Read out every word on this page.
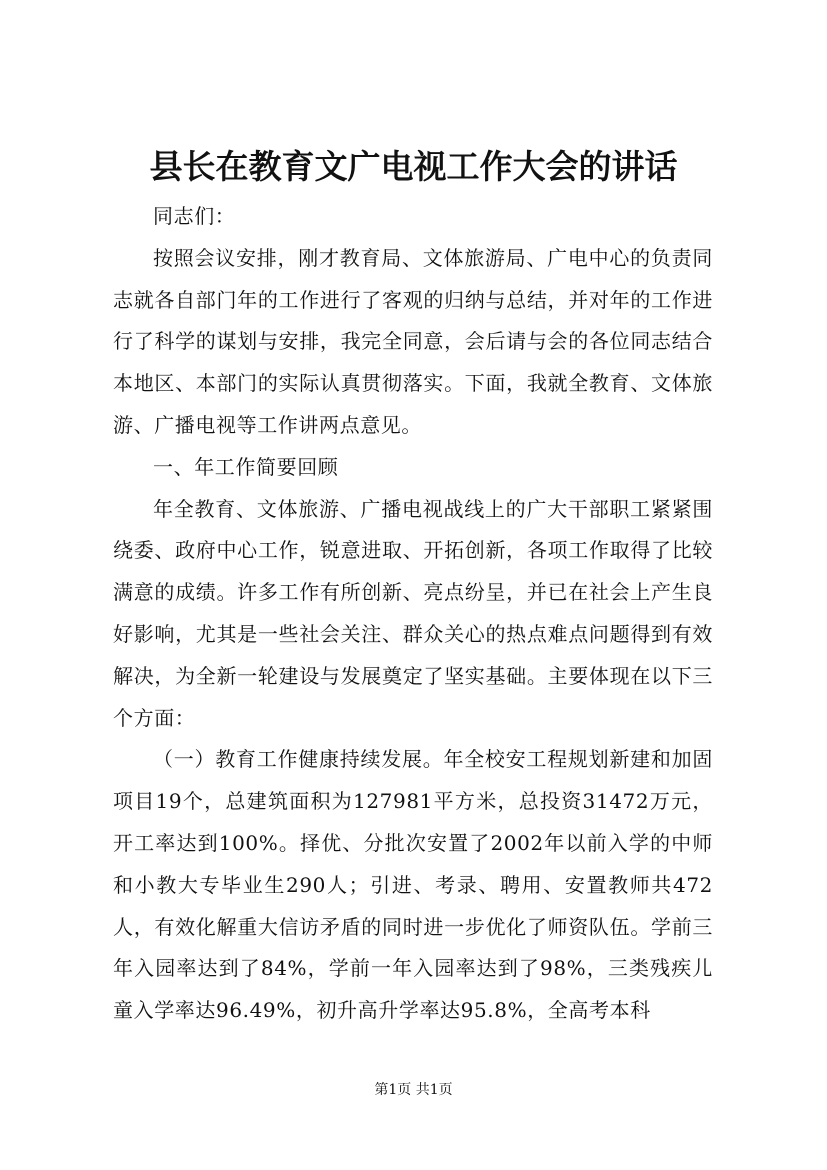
县长在教育文广电视工作大会的讲话

同志们：

按照会议安排，刚才教育局、文体旅游局、广电中心的负责同志就各自部门年的工作进行了客观的归纳与总结，并对年的工作进行了科学的谋划与安排，我完全同意，会后请与会的各位同志结合本地区、本部门的实际认真贯彻落实。下面，我就全教育、文体旅游、广播电视等工作讲两点意见。

一、年工作简要回顾

年全教育、文体旅游、广播电视战线上的广大干部职工紧紧围绕委、政府中心工作，锐意进取、开拓创新，各项工作取得了比较满意的成绩。许多工作有所创新、亮点纷呈，并已在社会上产生良好影响，尤其是一些社会关注、群众关心的热点难点问题得到有效解决，为全新一轮建设与发展奠定了坚实基础。主要体现在以下三个方面：

（一）教育工作健康持续发展。年全校安工程规划新建和加固项目19个，总建筑面积为127981平方米，总投资31472万元，开工率达到100%。择优、分批次安置了2002年以前入学的中师和小教大专毕业生290人；引进、考录、聘用、安置教师共472人，有效化解重大信访矛盾的同时进一步优化了师资队伍。学前三年入园率达到了84%，学前一年入园率达到了98%，三类残疾儿童入学率达96.49%，初升高升学率达95.8%，全高考本科

第1页 共1页
